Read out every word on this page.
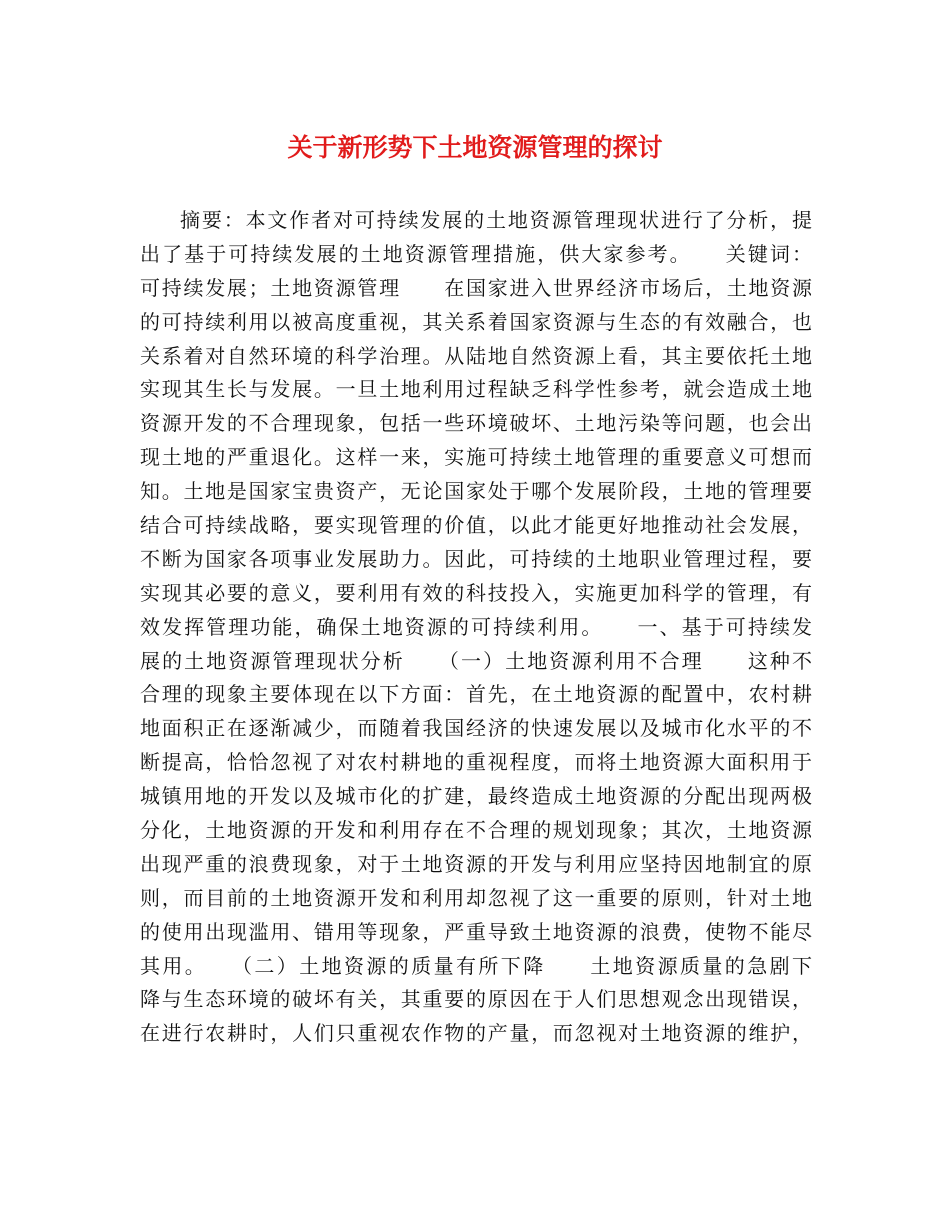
关于新形势下土地资源管理的探讨
摘要：本文作者对可持续发展的土地资源管理现状进行了分析，提
出了基于可持续发展的土地资源管理措施，供大家参考。　　关键词：
可持续发展；土地资源管理　　在国家进入世界经济市场后，土地资源
的可持续利用以被高度重视，其关系着国家资源与生态的有效融合，也
关系着对自然环境的科学治理。从陆地自然资源上看，其主要依托土地
实现其生长与发展。一旦土地利用过程缺乏科学性参考，就会造成土地
资源开发的不合理现象，包括一些环境破坏、土地污染等问题，也会出
现土地的严重退化。这样一来，实施可持续土地管理的重要意义可想而
知。土地是国家宝贵资产，无论国家处于哪个发展阶段，土地的管理要
结合可持续战略，要实现管理的价值，以此才能更好地推动社会发展，
不断为国家各项事业发展助力。因此，可持续的土地职业管理过程，要
实现其必要的意义，要利用有效的科技投入，实施更加科学的管理，有
效发挥管理功能，确保土地资源的可持续利用。　　一、基于可持续发
展的土地资源管理现状分析　　（一）土地资源利用不合理　　这种不
合理的现象主要体现在以下方面：首先，在土地资源的配置中，农村耕
地面积正在逐渐减少，而随着我国经济的快速发展以及城市化水平的不
断提高，恰恰忽视了对农村耕地的重视程度，而将土地资源大面积用于
城镇用地的开发以及城市化的扩建，最终造成土地资源的分配出现两极
分化，土地资源的开发和利用存在不合理的规划现象；其次，土地资源
出现严重的浪费现象，对于土地资源的开发与利用应坚持因地制宜的原
则，而目前的土地资源开发和利用却忽视了这一重要的原则，针对土地
的使用出现滥用、错用等现象，严重导致土地资源的浪费，使物不能尽
其用。　　（二）土地资源的质量有所下降　　土地资源质量的急剧下
降与生态环境的破坏有关，其重要的原因在于人们思想观念出现错误，
在进行农耕时，人们只重视农作物的产量，而忽视对土地资源的维护，
